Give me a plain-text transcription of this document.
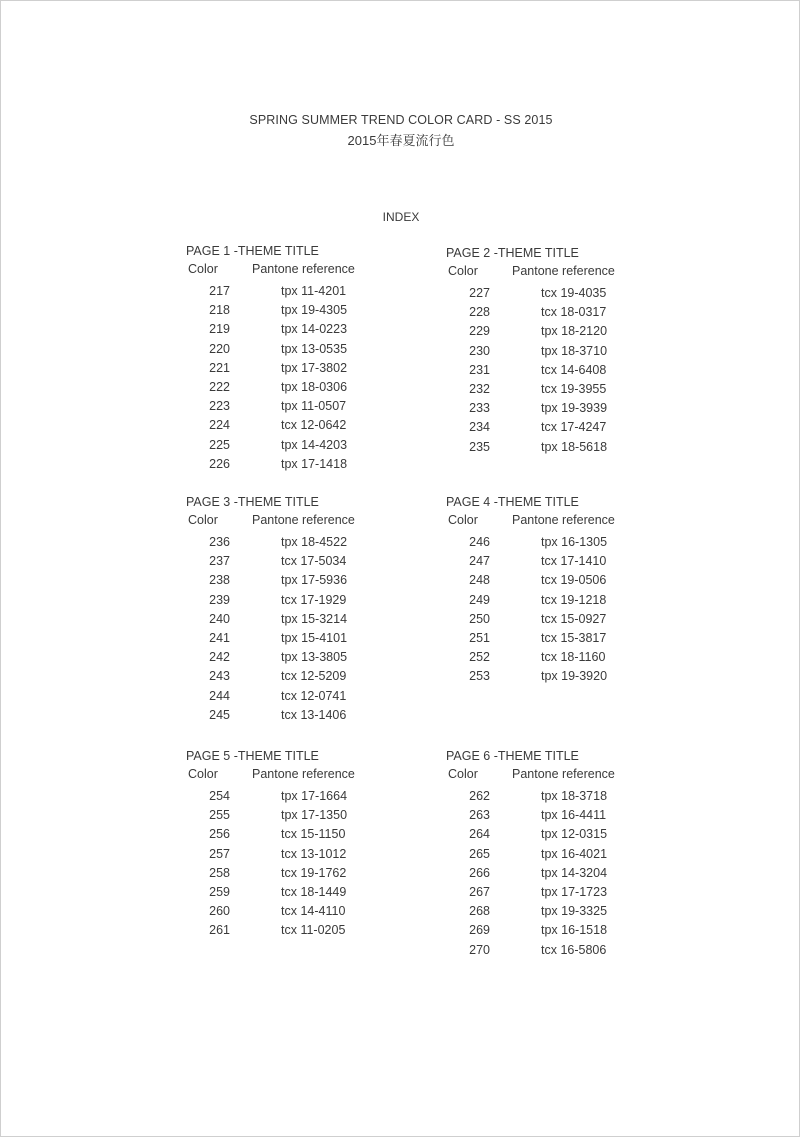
SPRING SUMMER TREND COLOR CARD - SS 2015
2015年春夏流行色
INDEX
PAGE 1 -THEME TITLE
Color	Pantone reference
217	tpx 11-4201
218	tpx 19-4305
219	tpx 14-0223
220	tpx 13-0535
221	tpx 17-3802
222	tpx 18-0306
223	tpx 11-0507
224	tcx 12-0642
225	tpx 14-4203
226	tpx 17-1418
PAGE 2 -THEME TITLE
Color	Pantone reference
227	tcx 19-4035
228	tcx 18-0317
229	tpx 18-2120
230	tpx 18-3710
231	tcx 14-6408
232	tcx 19-3955
233	tpx 19-3939
234	tcx 17-4247
235	tpx 18-5618
PAGE 3 -THEME TITLE
Color	Pantone reference
236	tpx 18-4522
237	tcx 17-5034
238	tpx 17-5936
239	tcx 17-1929
240	tpx 15-3214
241	tpx 15-4101
242	tpx 13-3805
243	tcx 12-5209
244	tcx 12-0741
245	tcx 13-1406
PAGE 4 -THEME TITLE
Color	Pantone reference
246	tpx 16-1305
247	tcx 17-1410
248	tcx 19-0506
249	tcx 19-1218
250	tcx 15-0927
251	tcx 15-3817
252	tcx 18-1160
253	tpx 19-3920
PAGE 5 -THEME TITLE
Color	Pantone reference
254	tpx 17-1664
255	tpx 17-1350
256	tcx 15-1150
257	tcx 13-1012
258	tcx 19-1762
259	tcx 18-1449
260	tcx 14-4110
261	tcx 11-0205
PAGE 6 -THEME TITLE
Color	Pantone reference
262	tpx 18-3718
263	tpx 16-4411
264	tpx 12-0315
265	tpx 16-4021
266	tpx 14-3204
267	tpx 17-1723
268	tpx 19-3325
269	tpx 16-1518
270	tcx 16-5806
